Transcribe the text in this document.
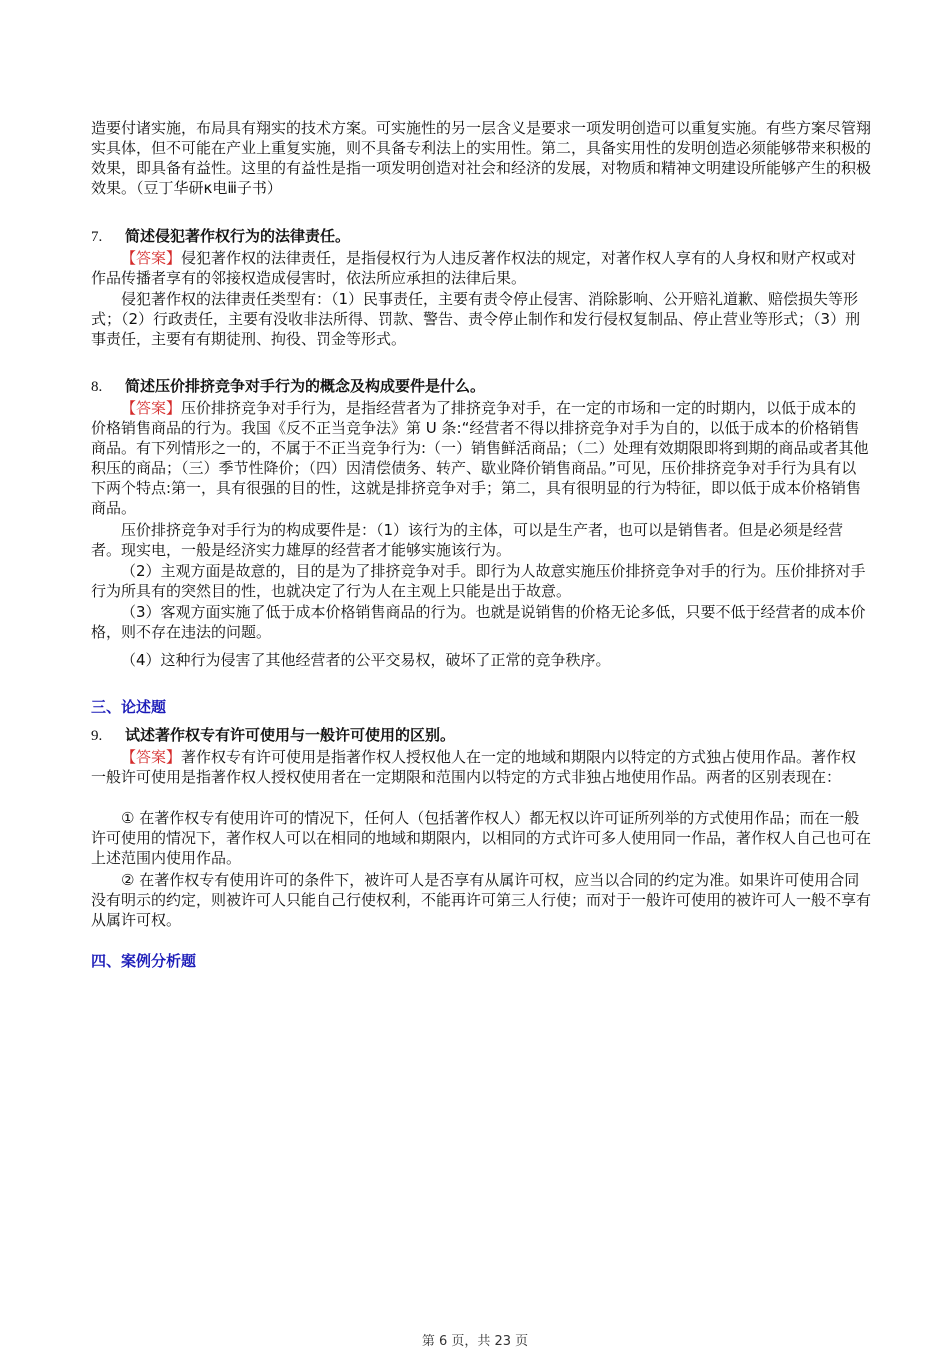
造要付诸实施，布局具有翔实的技术方案。可实施性的另一层含义是要求一项发明创造可以重复实施。有些方案尽管翔实具体，但不可能在产业上重复实施，则不具备专利法上的实用性。第二，具备实用性的发明创造必须能够带来积极的效果，即具备有益性。这里的有益性是指一项发明创造对社会和经济的发展，对物质和精神文明建设所能够产生的积极效果。（豆丁华研κ电ⅲ子书）

7. 简述侵犯著作权行为的法律责任。

【答案】侵犯著作权的法律责任，是指侵权行为人违反著作权法的规定，对著作权人享有的人身权和财产权或对作品传播者享有的邻接权造成侵害时，依法所应承担的法律后果。

侵犯著作权的法律责任类型有：（1）民事责任，主要有责令停止侵害、消除影响、公开赔礼道歉、赔偿损失等形式；（2）行政责任，主要有没收非法所得、罚款、警告、责令停止制作和发行侵权复制品、停止营业等形式；（3）刑事责任，主要有有期徒刑、拘役、罚金等形式。

8. 简述压价排挤竞争对手行为的概念及构成要件是什么。

【答案】压价排挤竞争对手行为，是指经营者为了排挤竞争对手，在一定的市场和一定的时期内，以低于成本的价格销售商品的行为。我国《反不正当竞争法》第 U 条:“经营者不得以排挤竞争对手为自的，以低于成本的价格销售商品。有下列情形之一的，不属于不正当竞争行为:（一）销售鲜活商品；（二）处理有效期限即将到期的商品或者其他积压的商品；（三）季节性降价；（四）因清偿债务、转产、歇业降价销售商品。”可见，压价排挤竞争对手行为具有以下两个特点:第一，具有很强的目的性，这就是排挤竞争对手；第二，具有很明显的行为特征，即以低于成本价格销售商品。

压价排挤竞争对手行为的构成要件是：（1）该行为的主体，可以是生产者，也可以是销售者。但是必须是经营者。现实电，一般是经济实力雄厚的经营者才能够实施该行为。

（2）主观方面是故意的，目的是为了排挤竞争对手。即行为人故意实施压价排挤竞争对手的行为。压价排挤对手行为所具有的突然目的性，也就决定了行为人在主观上只能是出于故意。

（3）客观方面实施了低于成本价格销售商品的行为。也就是说销售的价格无论多低，只要不低于经营者的成本价格，则不存在违法的问题。

（4）这种行为侵害了其他经营者的公平交易权，破坏了正常的竞争秩序。

三、论述题

9. 试述著作权专有许可使用与一般许可使用的区别。

【答案】著作权专有许可使用是指著作权人授权他人在一定的地域和期限内以特定的方式独占使用作品。著作权一般许可使用是指著作权人授权使用者在一定期限和范围内以特定的方式非独占地使用作品。两者的区别表现在：

① 在著作权专有使用许可的情况下，任何人（包括著作权人）都无权以许可证所列举的方式使用作品；而在一般许可使用的情况下，著作权人可以在相同的地域和期限内，以相同的方式许可多人使用同一作品，著作权人自己也可在上述范围内使用作品。

② 在著作权专有使用许可的条件下，被许可人是否享有从属许可权，应当以合同的约定为准。如果许可使用合同没有明示的约定，则被许可人只能自己行使权利，不能再许可第三人行使；而对于一般许可使用的被许可人一般不享有从属许可权。

四、案例分析题

第 6 页，共 23 页
